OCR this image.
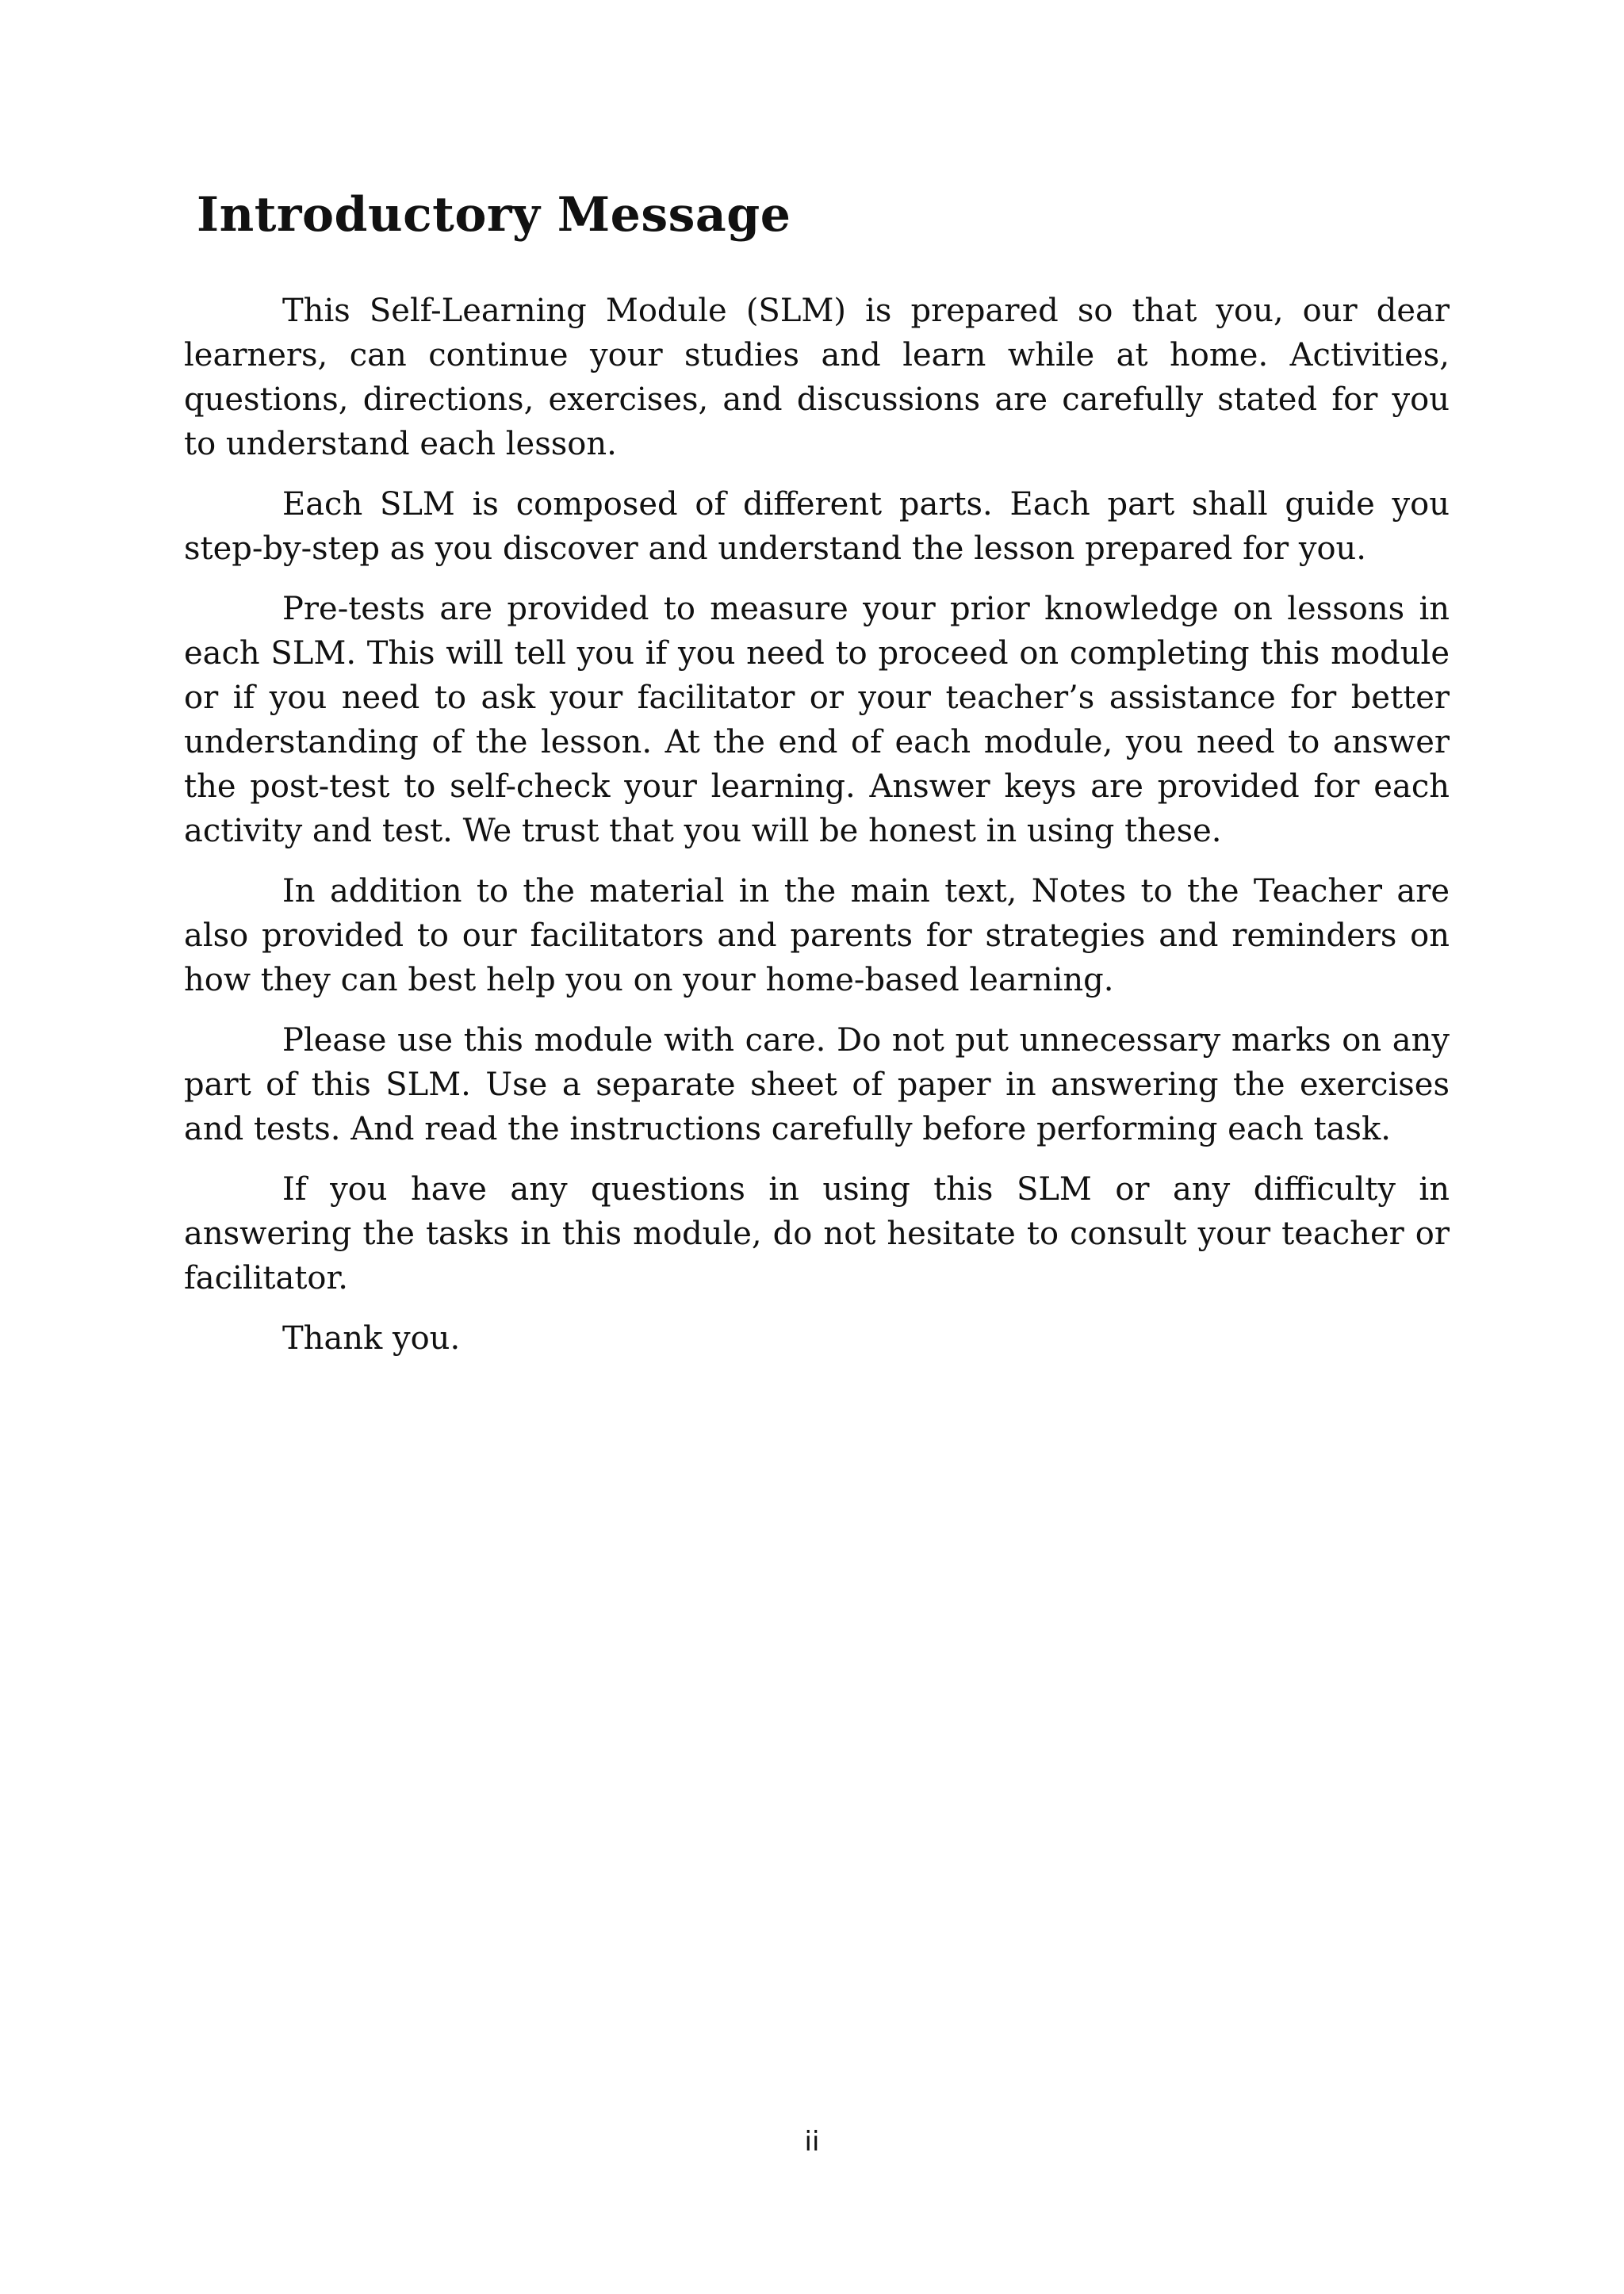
Introductory Message

This Self-Learning Module (SLM) is prepared so that you, our dear learners, can continue your studies and learn while at home. Activities, questions, directions, exercises, and discussions are carefully stated for you to understand each lesson.

Each SLM is composed of different parts. Each part shall guide you step-by-step as you discover and understand the lesson prepared for you.

Pre-tests are provided to measure your prior knowledge on lessons in each SLM. This will tell you if you need to proceed on completing this module or if you need to ask your facilitator or your teacher’s assistance for better understanding of the lesson. At the end of each module, you need to answer the post-test to self-check your learning. Answer keys are provided for each activity and test. We trust that you will be honest in using these.

In addition to the material in the main text, Notes to the Teacher are also provided to our facilitators and parents for strategies and reminders on how they can best help you on your home-based learning.

Please use this module with care. Do not put unnecessary marks on any part of this SLM. Use a separate sheet of paper in answering the exercises and tests. And read the instructions carefully before performing each task.

If you have any questions in using this SLM or any difficulty in answering the tasks in this module, do not hesitate to consult your teacher or facilitator.

Thank you.

ii
